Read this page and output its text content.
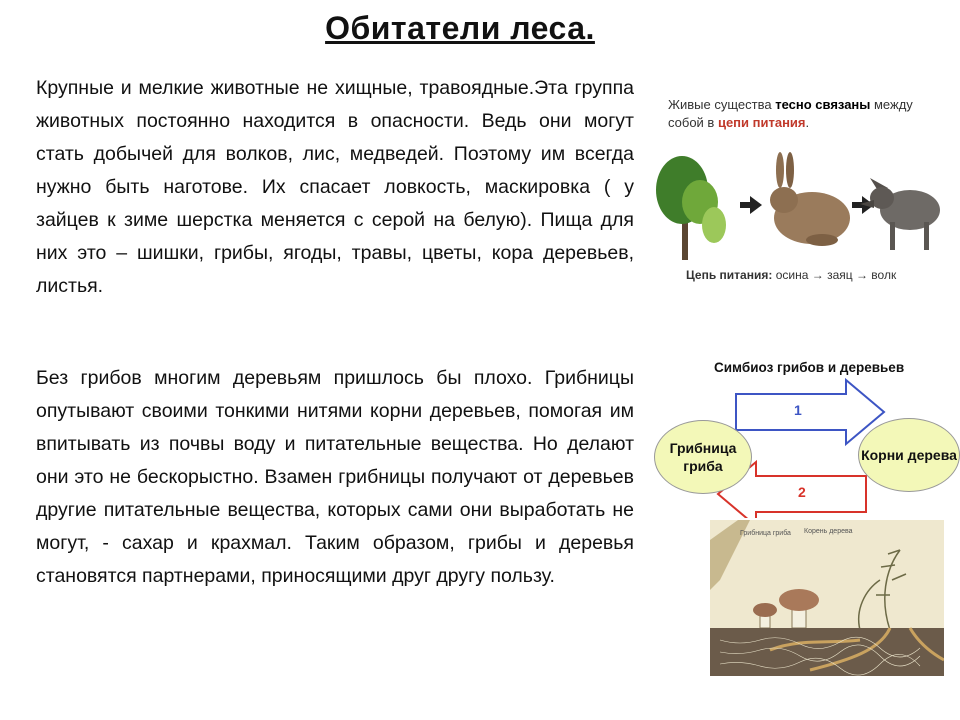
Обитатели леса.
Крупные и мелкие животные не хищные, травоядные.Эта группа животных постоянно находится в опасности. Ведь они могут стать добычей для волков, лис, медведей. Поэтому им всегда нужно быть наготове. Их спасает ловкость, маскировка ( у зайцев к зиме шерстка меняется с серой на белую). Пища для них это – шишки, грибы, ягоды, травы, цветы, кора деревьев, листья.
Без грибов многим деревьям пришлось бы плохо. Грибницы опутывают своими тонкими нитями корни деревьев, помогая им впитывать из почвы воду и питательные вещества. Но делают они это не бескорыстно. Взамен грибницы получают от деревьев другие питательные вещества, которых сами они выработать не могут, - сахар и крахмал. Таким образом, грибы и деревья становятся партнерами, приносящими друг другу пользу.
Живые существа тесно связаны между собой в цепи питания.
Цепь питания: осина → заяц → волк
Симбиоз грибов и деревьев
1
2
Грибница
гриба
Корни дерева
Грибница гриба Корень дерева
